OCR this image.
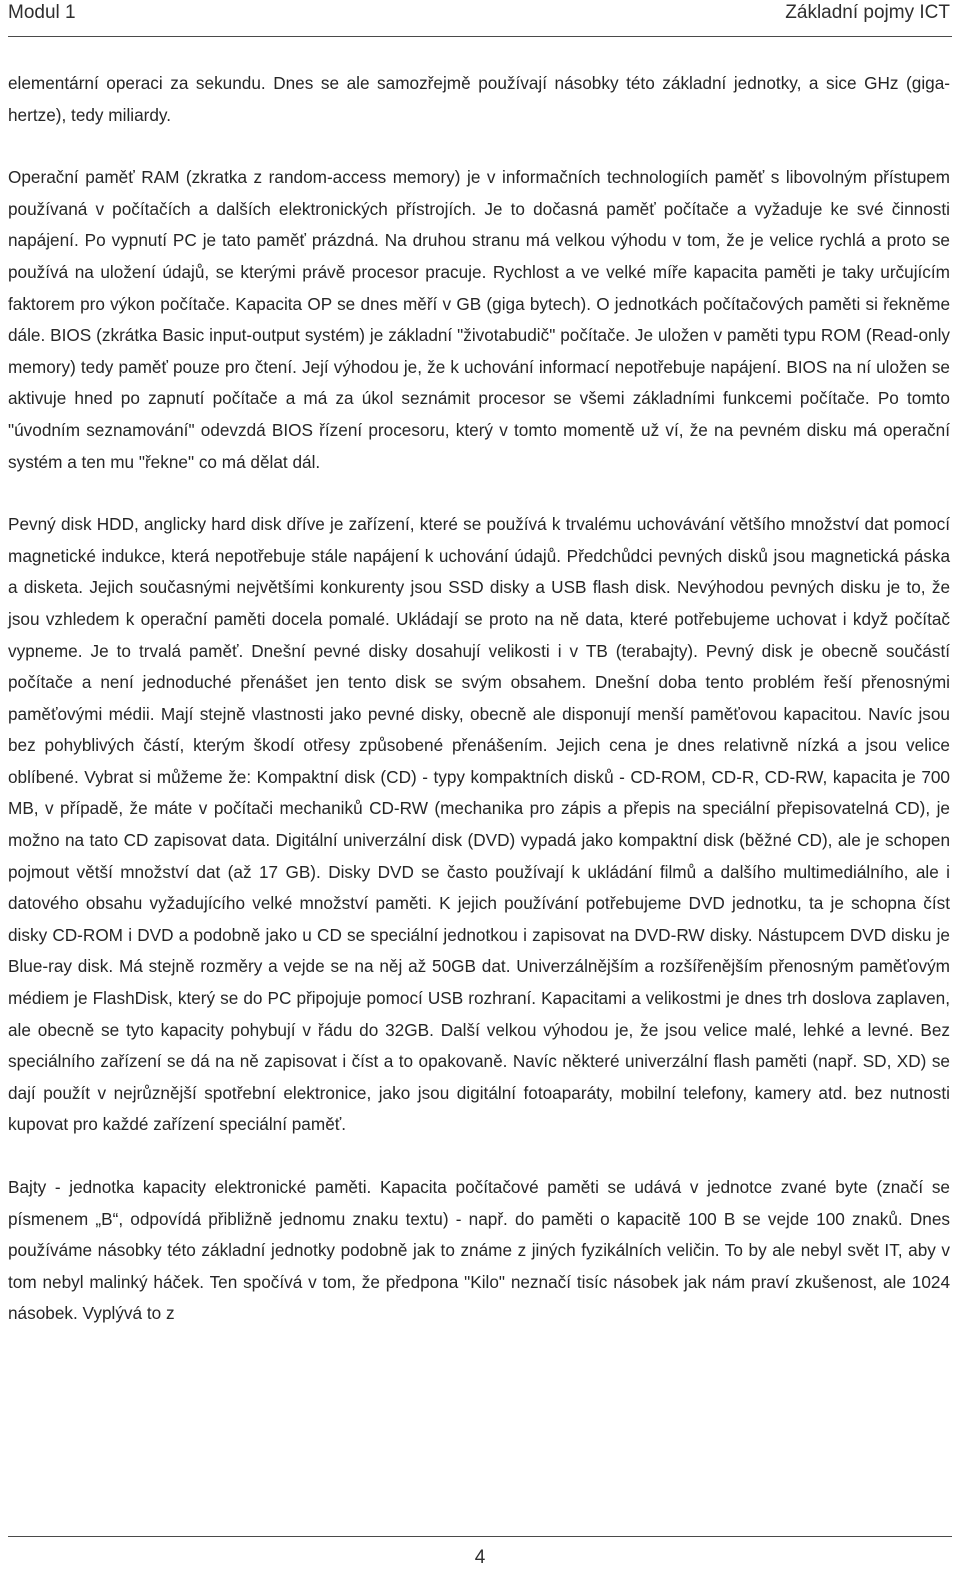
Modul 1	Základní pojmy ICT

elementární operaci za sekundu. Dnes se ale samozřejmě používají násobky této základní jednotky, a sice GHz (giga-hertze), tedy miliardy.

Operační paměť RAM (zkratka z random-access memory) je v informačních technologiích paměť s libovolným přístupem používaná v počítačích a dalších elektronických přístrojích. Je to dočasná paměť počítače a vyžaduje ke své činnosti napájení. Po vypnutí PC je tato paměť prázdná. Na druhou stranu má velkou výhodu v tom, že je velice rychlá a proto se používá na uložení údajů, se kterými právě procesor pracuje. Rychlost a ve velké míře kapacita paměti je taky určujícím faktorem pro výkon počítače. Kapacita OP se dnes měří v GB (giga bytech). O jednotkách počítačových paměti si řekněme dále. BIOS (zkrátka Basic input-output systém) je základní "životabudič" počítače. Je uložen v paměti typu ROM (Read-only memory) tedy paměť pouze pro čtení. Její výhodou je, že k uchování informací nepotřebuje napájení. BIOS na ní uložen se aktivuje hned po zapnutí počítače a má za úkol seznámit procesor se všemi základními funkcemi počítače. Po tomto "úvodním seznamování" odevzdá BIOS řízení procesoru, který v tomto momentě už ví, že na pevném disku má operační systém a ten mu "řekne" co má dělat dál.

Pevný disk HDD, anglicky hard disk dříve je zařízení, které se používá k trvalému uchovávání většího množství dat pomocí magnetické indukce, která nepotřebuje stále napájení k uchování údajů. Předchůdci pevných disků jsou magnetická páska a disketa. Jejich současnými největšími konkurenty jsou SSD disky a USB flash disk. Nevýhodou pevných disku je to, že jsou vzhledem k operační paměti docela pomalé. Ukládají se proto na ně data, které potřebujeme uchovat i když počítač vypneme. Je to trvalá paměť. Dnešní pevné disky dosahují velikosti i v TB (terabajty). Pevný disk je obecně součástí počítače a není jednoduché přenášet jen tento disk se svým obsahem. Dnešní doba tento problém řeší přenosnými paměťovými médii. Mají stejně vlastnosti jako pevné disky, obecně ale disponují menší paměťovou kapacitou. Navíc jsou bez pohyblivých částí, kterým škodí otřesy způsobené přenášením. Jejich cena je dnes relativně nízká a jsou velice oblíbené. Vybrat si můžeme že: Kompaktní disk (CD) - typy kompaktních disků - CD-ROM, CD-R, CD-RW, kapacita je 700 MB, v případě, že máte v počítači mechaniků CD-RW (mechanika pro zápis a přepis na speciální přepisovatelná CD), je možno na tato CD zapisovat data. Digitální univerzální disk (DVD) vypadá jako kompaktní disk (běžné CD), ale je schopen pojmout větší množství dat (až 17 GB). Disky DVD se často používají k ukládání filmů a dalšího multimediálního, ale i datového obsahu vyžadujícího velké množství paměti. K jejich používání potřebujeme DVD jednotku, ta je schopna číst disky CD-ROM i DVD a podobně jako u CD se speciální jednotkou i zapisovat na DVD-RW disky. Nástupcem DVD disku je Blue-ray disk. Má stejně rozměry a vejde se na něj až 50GB dat. Univerzálnějším a rozšířenějším přenosným paměťovým médiem je FlashDisk, který se do PC připojuje pomocí USB rozhraní. Kapacitami a velikostmi je dnes trh doslova zaplaven, ale obecně se tyto kapacity pohybují v řádu do 32GB. Další velkou výhodou je, že jsou velice malé, lehké a levné. Bez speciálního zařízení se dá na ně zapisovat i číst a to opakovaně. Navíc některé univerzální flash paměti (např. SD, XD) se dají použít v nejrůznější spotřební elektronice, jako jsou digitální fotoaparáty, mobilní telefony, kamery atd. bez nutnosti kupovat pro každé zařízení speciální paměť.

Bajty - jednotka kapacity elektronické paměti. Kapacita počítačové paměti se udává v jednotce zvané byte (značí se písmenem „B“, odpovídá přibližně jednomu znaku textu) - např. do paměti o kapacitě 100 B se vejde 100 znaků. Dnes používáme násobky této základní jednotky podobně jak to známe z jiných fyzikálních veličin. To by ale nebyl svět IT, aby v tom nebyl malinký háček. Ten spočívá v tom, že předpona "Kilo" neznačí tisíc násobek jak nám praví zkušenost, ale 1024 násobek. Vyplývá to z

4
